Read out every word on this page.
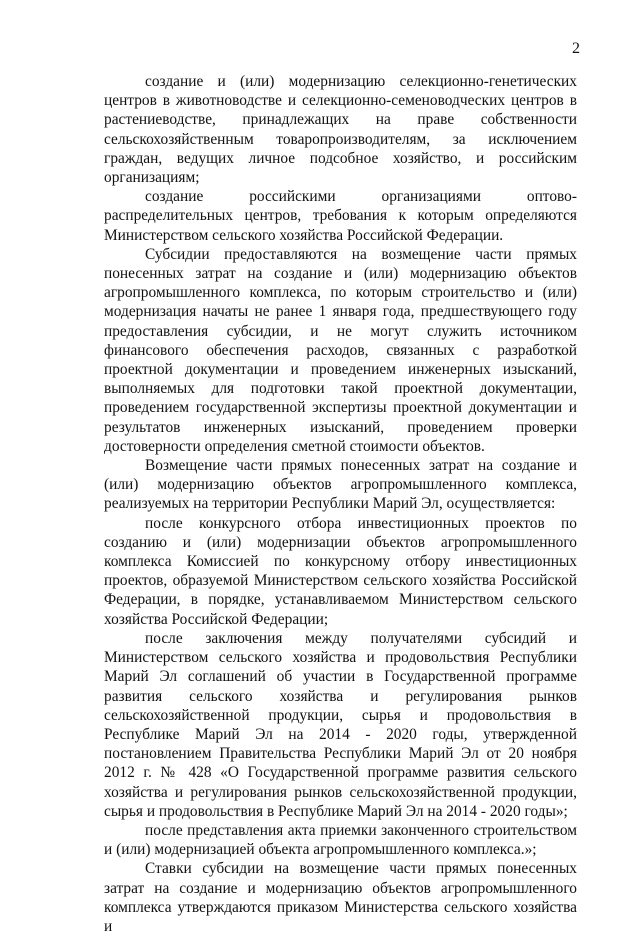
2

создание и (или) модернизацию селекционно-генетических центров в животноводстве и селекционно-семеноводческих центров в растениеводстве, принадлежащих на праве собственности сельскохозяйственным товаропроизводителям, за исключением граждан, ведущих личное подсобное хозяйство, и российским организациям;

создание российскими организациями оптово-распределительных центров, требования к которым определяются Министерством сельского хозяйства Российской Федерации.

Субсидии предоставляются на возмещение части прямых понесенных затрат на создание и (или) модернизацию объектов агропромышленного комплекса, по которым строительство и (или) модернизация начаты не ранее 1 января года, предшествующего году предоставления субсидии, и не могут служить источником финансового обеспечения расходов, связанных с разработкой проектной документации и проведением инженерных изысканий, выполняемых для подготовки такой проектной документации, проведением государственной экспертизы проектной документации и результатов инженерных изысканий, проведением проверки достоверности определения сметной стоимости объектов.

Возмещение части прямых понесенных затрат на создание и (или) модернизацию объектов агропромышленного комплекса, реализуемых на территории Республики Марий Эл, осуществляется:

после конкурсного отбора инвестиционных проектов по созданию и (или) модернизации объектов агропромышленного комплекса Комиссией по конкурсному отбору инвестиционных проектов, образуемой Министерством сельского хозяйства Российской Федерации, в порядке, устанавливаемом Министерством сельского хозяйства Российской Федерации;

после заключения между получателями субсидий и Министерством сельского хозяйства и продовольствия Республики Марий Эл соглашений об участии в Государственной программе развития сельского хозяйства и регулирования рынков сельскохозяйственной продукции, сырья и продовольствия в Республике Марий Эл на 2014 - 2020 годы, утвержденной постановлением Правительства Республики Марий Эл от 20 ноября 2012 г. № 428 «О Государственной программе развития сельского хозяйства и регулирования рынков сельскохозяйственной продукции, сырья и продовольствия в Республике Марий Эл на 2014 - 2020 годы»;

после представления акта приемки законченного строительством и (или) модернизацией объекта агропромышленного комплекса.»;

Ставки субсидии на возмещение части прямых понесенных затрат на создание и модернизацию объектов агропромышленного комплекса утверждаются приказом Министерства сельского хозяйства и
